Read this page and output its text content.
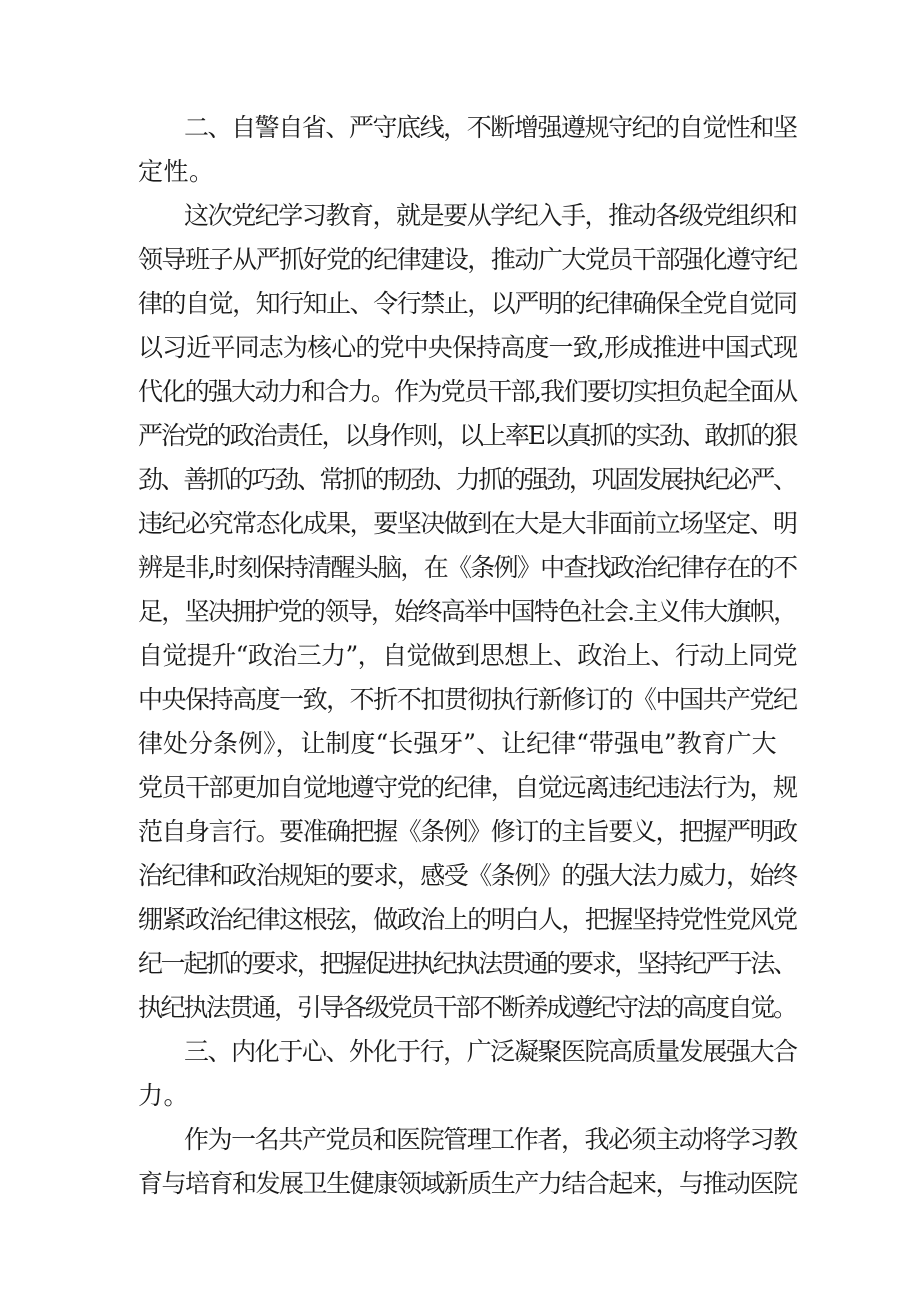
二、自警自省、严守底线，不断增强遵规守纪的自觉性和坚
定性。
这次党纪学习教育，就是要从学纪入手，推动各级党组织和
领导班子从严抓好党的纪律建设，推动广大党员干部强化遵守纪
律的自觉，知行知止、令行禁止，以严明的纪律确保全党自觉同
以习近平同志为核心的党中央保持高度一致,形成推进中国式现
代化的强大动力和合力。作为党员干部,我们要切实担负起全面从
严治党的政治责任，以身作则，以上率E以真抓的实劲、敢抓的狠
劲、善抓的巧劲、常抓的韧劲、力抓的强劲，巩固发展执纪必严、
违纪必究常态化成果，要坚决做到在大是大非面前立场坚定、明
辨是非,时刻保持清醒头脑，在《条例》中查找政治纪律存在的不
足，坚决拥护党的领导，始终高举中国特色社会.主义伟大旗帜，
自觉提升“政治三力”，自觉做到思想上、政治上、行动上同党
中央保持高度一致，不折不扣贯彻执行新修订的《中国共产党纪
律处分条例》，让制度“长强牙”、让纪律“带强电”教育广大
党员干部更加自觉地遵守党的纪律，自觉远离违纪违法行为，规
范自身言行。要准确把握《条例》修订的主旨要义，把握严明政
治纪律和政治规矩的要求，感受《条例》的强大法力威力，始终
绷紧政治纪律这根弦，做政治上的明白人，把握坚持党性党风党
纪一起抓的要求，把握促进执纪执法贯通的要求，坚持纪严于法、
执纪执法贯通，引导各级党员干部不断养成遵纪守法的高度自觉。
三、内化于心、外化于行，广泛凝聚医院高质量发展强大合
力。
作为一名共产党员和医院管理工作者，我必须主动将学习教
育与培育和发展卫生健康领域新质生产力结合起来，与推动医院
